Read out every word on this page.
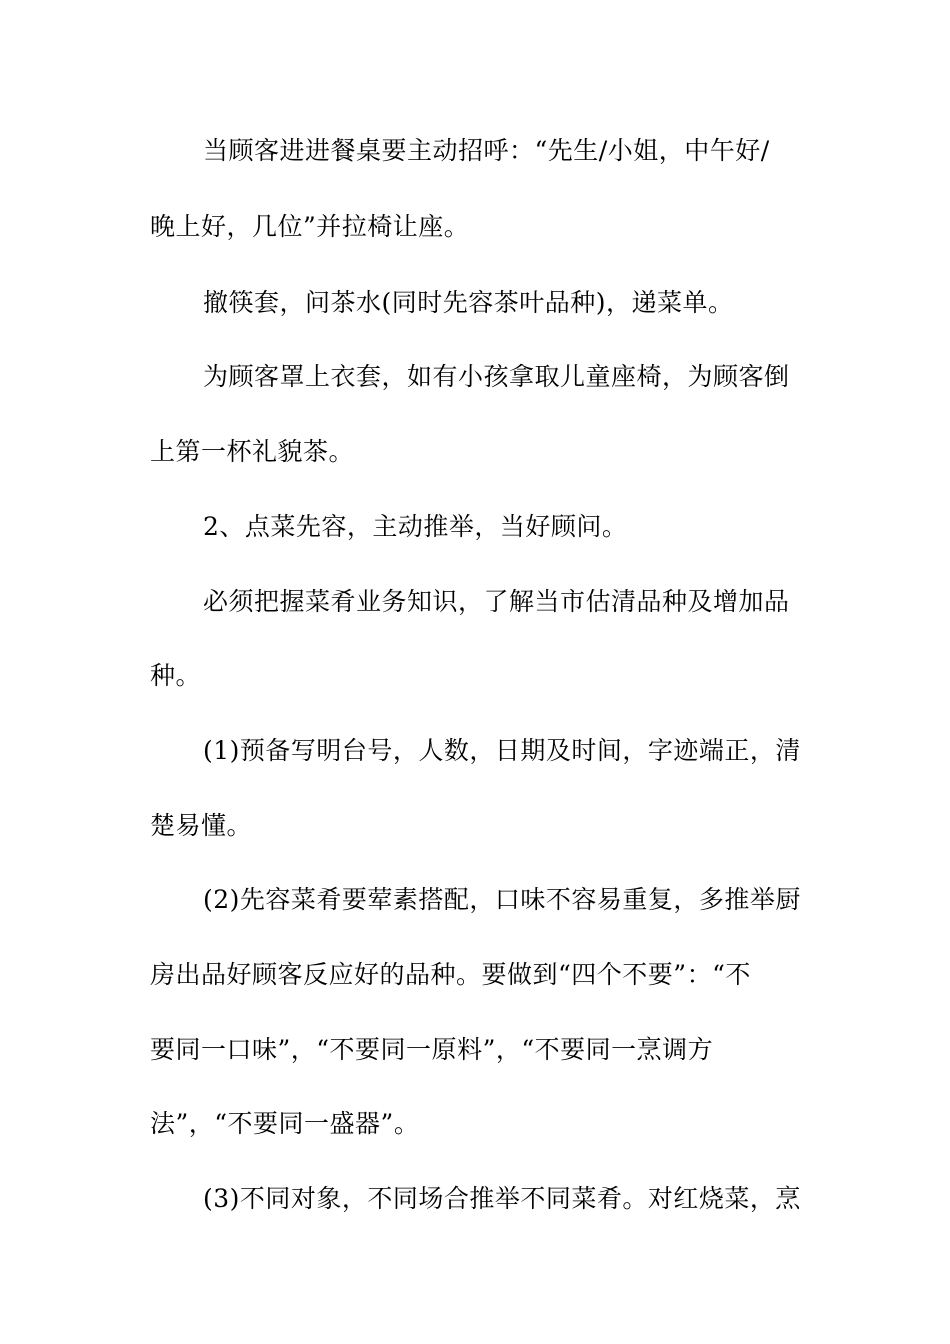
当顾客进进餐桌要主动招呼：“先生/小姐，中午好/
晚上好，几位”并拉椅让座。
撤筷套，问茶水(同时先容茶叶品种)，递菜单。
为顾客罩上衣套，如有小孩拿取儿童座椅，为顾客倒
上第一杯礼貌茶。
2、点菜先容，主动推举，当好顾问。
必须把握菜肴业务知识，了解当市估清品种及增加品
种。
(1)预备写明台号，人数，日期及时间，字迹端正，清
楚易懂。
(2)先容菜肴要荤素搭配，口味不容易重复，多推举厨
房出品好顾客反应好的品种。要做到“四个不要”：“不
要同一口味”，“不要同一原料”，“不要同一烹调方
法”，“不要同一盛器”。
(3)不同对象，不同场合推举不同菜肴。对红烧菜，烹
